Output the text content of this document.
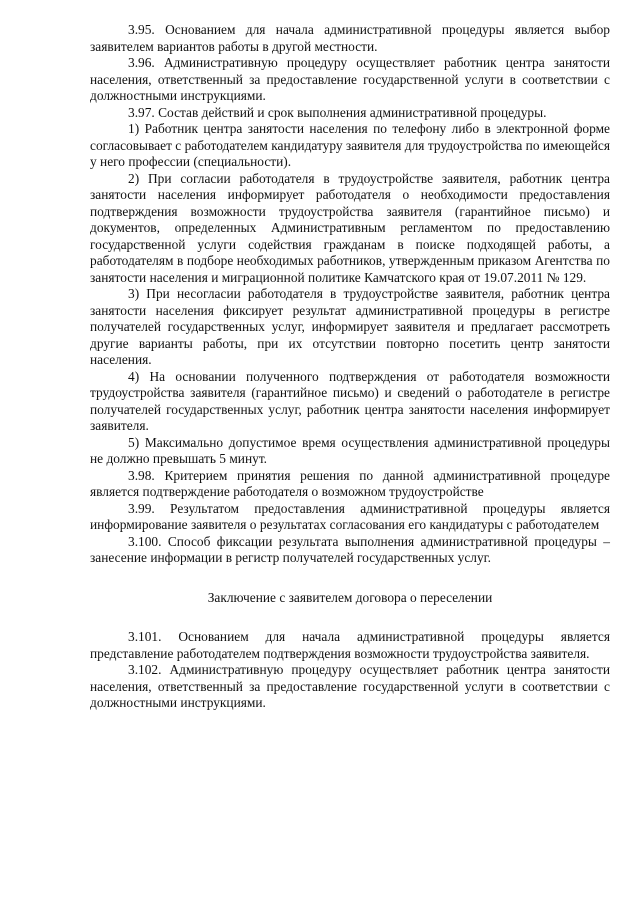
3.95. Основанием для начала административной процедуры является выбор заявителем вариантов работы в другой местности.

3.96. Административную процедуру осуществляет работник центра занятости населения, ответственный за предоставление государственной услуги в соответствии с должностными инструкциями.

3.97. Состав действий и срок выполнения административной процедуры.

1) Работник центра занятости населения по телефону либо в электронной форме согласовывает с работодателем кандидатуру заявителя для трудоустройства по имеющейся у него профессии (специальности).

2) При согласии работодателя в трудоустройстве заявителя, работник центра занятости населения информирует работодателя о необходимости предоставления подтверждения возможности трудоустройства заявителя (гарантийное письмо) и документов, определенных Административным регламентом по предоставлению государственной услуги содействия гражданам в поиске подходящей работы, а работодателям в подборе необходимых работников, утвержденным приказом Агентства по занятости населения и миграционной политике Камчатского края от 19.07.2011 № 129.

3) При несогласии работодателя в трудоустройстве заявителя, работник центра занятости населения фиксирует результат административной процедуры в регистре получателей государственных услуг, информирует заявителя и предлагает рассмотреть другие варианты работы, при их отсутствии повторно посетить центр занятости населения.

4) На основании полученного подтверждения от работодателя возможности трудоустройства заявителя (гарантийное письмо) и сведений о работодателе в регистре получателей государственных услуг, работник центра занятости населения информирует заявителя.

5) Максимально допустимое время осуществления административной процедуры не должно превышать 5 минут.

3.98. Критерием принятия решения по данной административной процедуре является подтверждение работодателя о возможном трудоустройстве

3.99. Результатом предоставления административной процедуры является информирование заявителя о результатах согласования его кандидатуры с работодателем

3.100. Способ фиксации результата выполнения административной процедуры – занесение информации в регистр получателей государственных услуг.

Заключение с заявителем договора о переселении

3.101. Основанием для начала административной процедуры является представление работодателем подтверждения возможности трудоустройства заявителя.

3.102. Административную процедуру осуществляет работник центра занятости населения, ответственный за предоставление государственной услуги в соответствии с должностными инструкциями.
